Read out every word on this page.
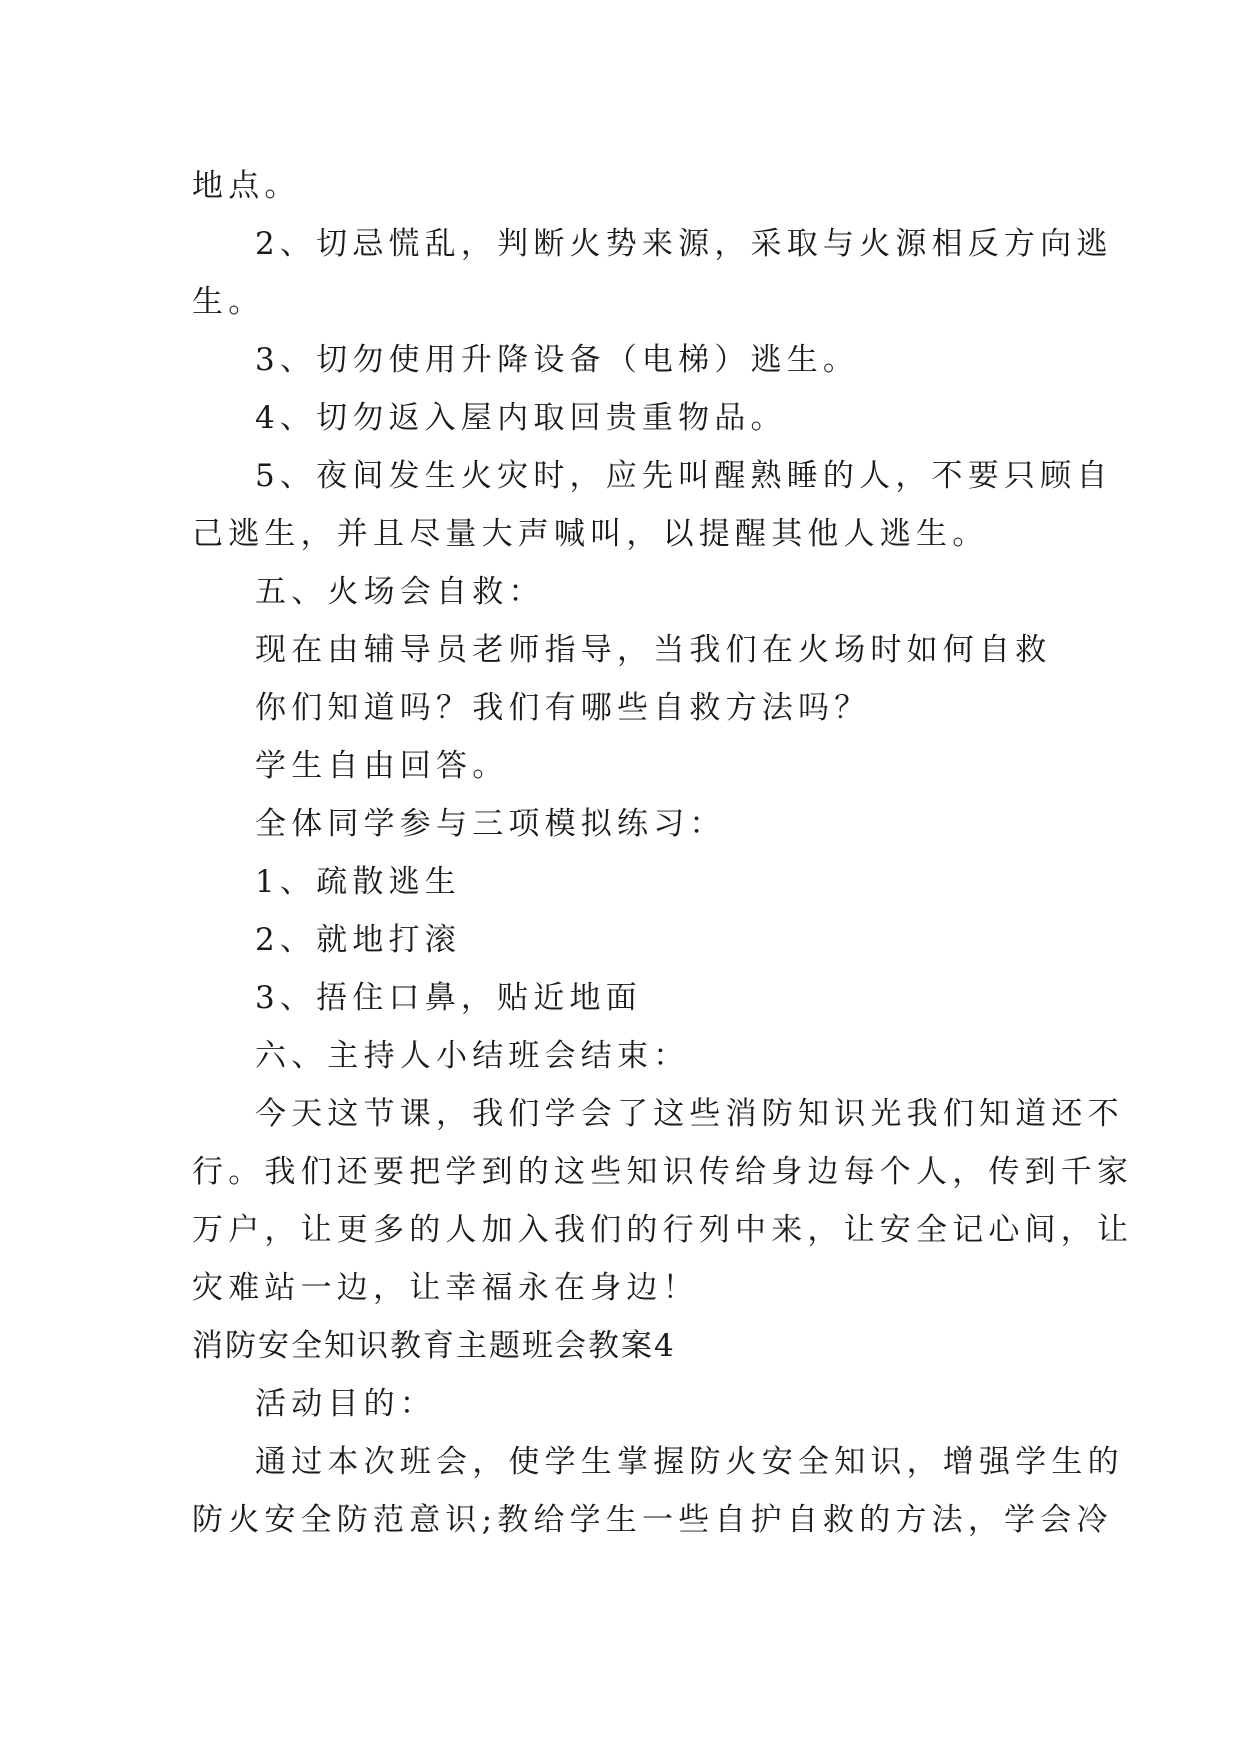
地点。
2、切忌慌乱，判断火势来源，采取与火源相反方向逃
生。
3、切勿使用升降设备（电梯）逃生。
4、切勿返入屋内取回贵重物品。
5、夜间发生火灾时，应先叫醒熟睡的人，不要只顾自
己逃生，并且尽量大声喊叫，以提醒其他人逃生。
五、火场会自救：
现在由辅导员老师指导，当我们在火场时如何自救
你们知道吗？我们有哪些自救方法吗？
学生自由回答。
全体同学参与三项模拟练习：
1、疏散逃生
2、就地打滚
3、捂住口鼻，贴近地面
六、主持人小结班会结束：
今天这节课，我们学会了这些消防知识光我们知道还不
行。我们还要把学到的这些知识传给身边每个人，传到千家
万户，让更多的人加入我们的行列中来，让安全记心间，让
灾难站一边，让幸福永在身边！
消防安全知识教育主题班会教案4
活动目的：
通过本次班会，使学生掌握防火安全知识，增强学生的
防火安全防范意识;教给学生一些自护自救的方法，学会冷
